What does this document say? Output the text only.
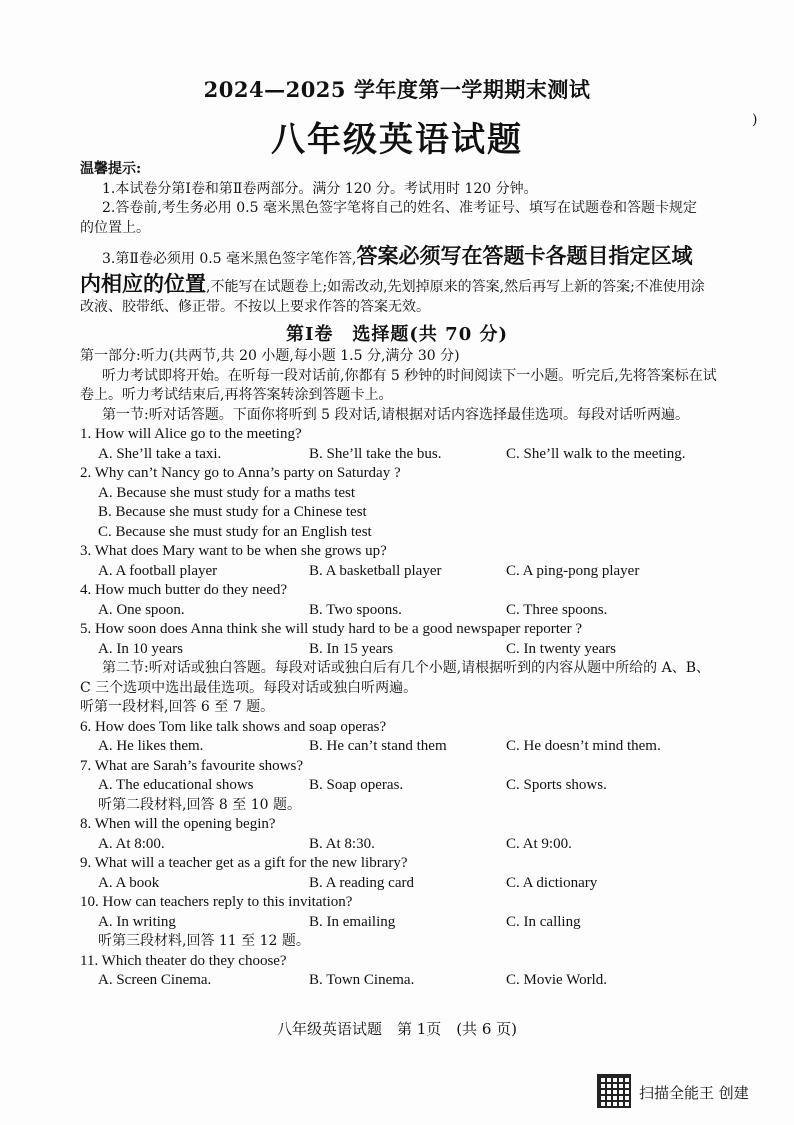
2024—2025 学年度第一学期期末测试
八年级英语试题	)
温馨提示:
1.本试卷分第Ⅰ卷和第Ⅱ卷两部分。满分 120 分。考试用时 120 分钟。
2.答卷前,考生务必用 0.5 毫米黑色签字笔将自己的姓名、准考证号、填写在试题卷和答题卡规定的位置上。
3.第Ⅱ卷必须用 0.5 毫米黑色签字笔作答,答案必须写在答题卡各题目指定区域内相应的位置,不能写在试题卷上;如需改动,先划掉原来的答案,然后再写上新的答案;不准使用涂改液、胶带纸、修正带。不按以上要求作答的答案无效。
第Ⅰ卷　选择题(共 70 分)
第一部分:听力(共两节,共 20 小题,每小题 1.5 分,满分 30 分)
听力考试即将开始。在听每一段对话前,你都有 5 秒钟的时间阅读下一小题。听完后,先将答案标在试卷上。听力考试结束后,再将答案转涂到答题卡上。
第一节:听对话答题。下面你将听到 5 段对话,请根据对话内容选择最佳选项。每段对话听两遍。
1. How will Alice go to the meeting?
A. She’ll take a taxi.	B. She’ll take the bus.	C. She’ll walk to the meeting.
2. Why can’t Nancy go to Anna’s party on Saturday ?
A. Because she must study for a maths test
B. Because she must study for a Chinese test
C. Because she must study for an English test
3. What does Mary want to be when she grows up?
A. A football player	B. A basketball player	C. A ping-pong player
4. How much butter do they need?
A. One spoon.	B. Two spoons.	C. Three spoons.
5. How soon does Anna think she will study hard to be a good newspaper reporter ?
A. In 10 years	B. In 15 years	C. In twenty years
第二节:听对话或独白答题。每段对话或独白后有几个小题,请根据听到的内容从题中所给的 A、B、C 三个选项中选出最佳选项。每段对话或独白听两遍。
听第一段材料,回答 6 至 7 题。
6. How does Tom like talk shows and soap operas?
A. He likes them.	B. He can’t stand them	C. He doesn’t mind them.
7. What are Sarah’s favourite shows?
A. The educational shows	B. Soap operas.	C. Sports shows.
听第二段材料,回答 8 至 10 题。
8. When will the opening begin?
A. At 8:00.	B. At 8:30.	C. At 9:00.
9. What will a teacher get as a gift for the new library?
A. A book	B. A reading card	C. A dictionary
10. How can teachers reply to this invitation?
A. In writing	B. In emailing	C. In calling
听第三段材料,回答 11 至 12 题。
11. Which theater do they choose?
A. Screen Cinema.	B. Town Cinema.	C. Movie World.
八年级英语试题　第 1页　(共 6 页)
扫描全能王 创建
